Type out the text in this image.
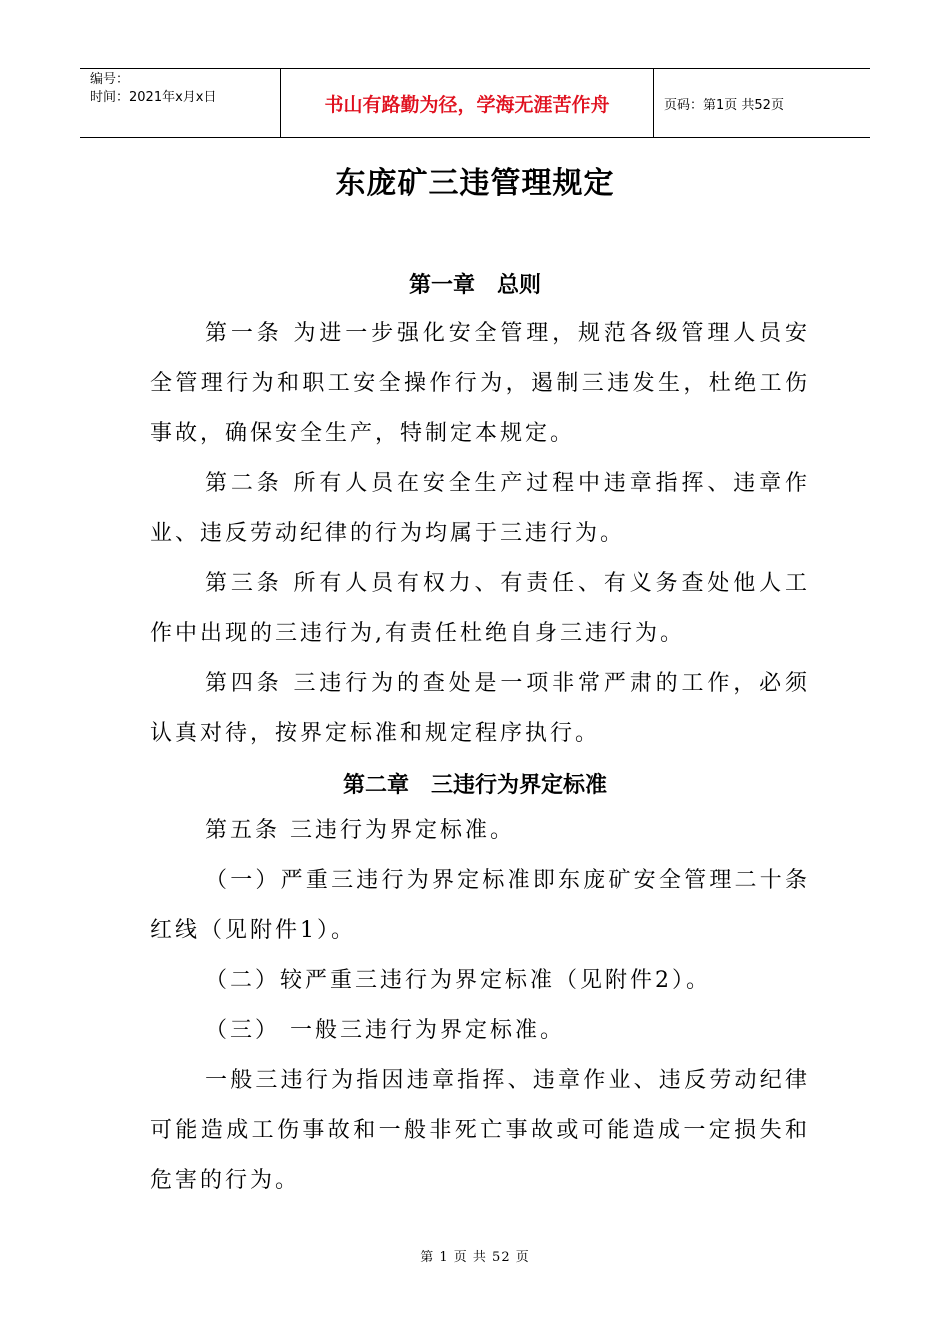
编号：
时间：2021年x月x日	书山有路勤为径，学海无涯苦作舟	页码：第1页 共52页
东庞矿三违管理规定
第一章　总则

第一条 为进一步强化安全管理，规范各级管理人员安全管理行为和职工安全操作行为，遏制三违发生，杜绝工伤事故，确保安全生产，特制定本规定。

第二条 所有人员在安全生产过程中违章指挥、违章作业、违反劳动纪律的行为均属于三违行为。

第三条 所有人员有权力、有责任、有义务查处他人工作中出现的三违行为,有责任杜绝自身三违行为。

第四条 三违行为的查处是一项非常严肃的工作，必须认真对待，按界定标准和规定程序执行。

第二章　三违行为界定标准

第五条 三违行为界定标准。

（一）严重三违行为界定标准即东庞矿安全管理二十条红线（见附件1）。

（二）较严重三违行为界定标准（见附件2）。

（三） 一般三违行为界定标准。

一般三违行为指因违章指挥、违章作业、违反劳动纪律可能造成工伤事故和一般非死亡事故或可能造成一定损失和危害的行为。

第 1 页 共 52 页
